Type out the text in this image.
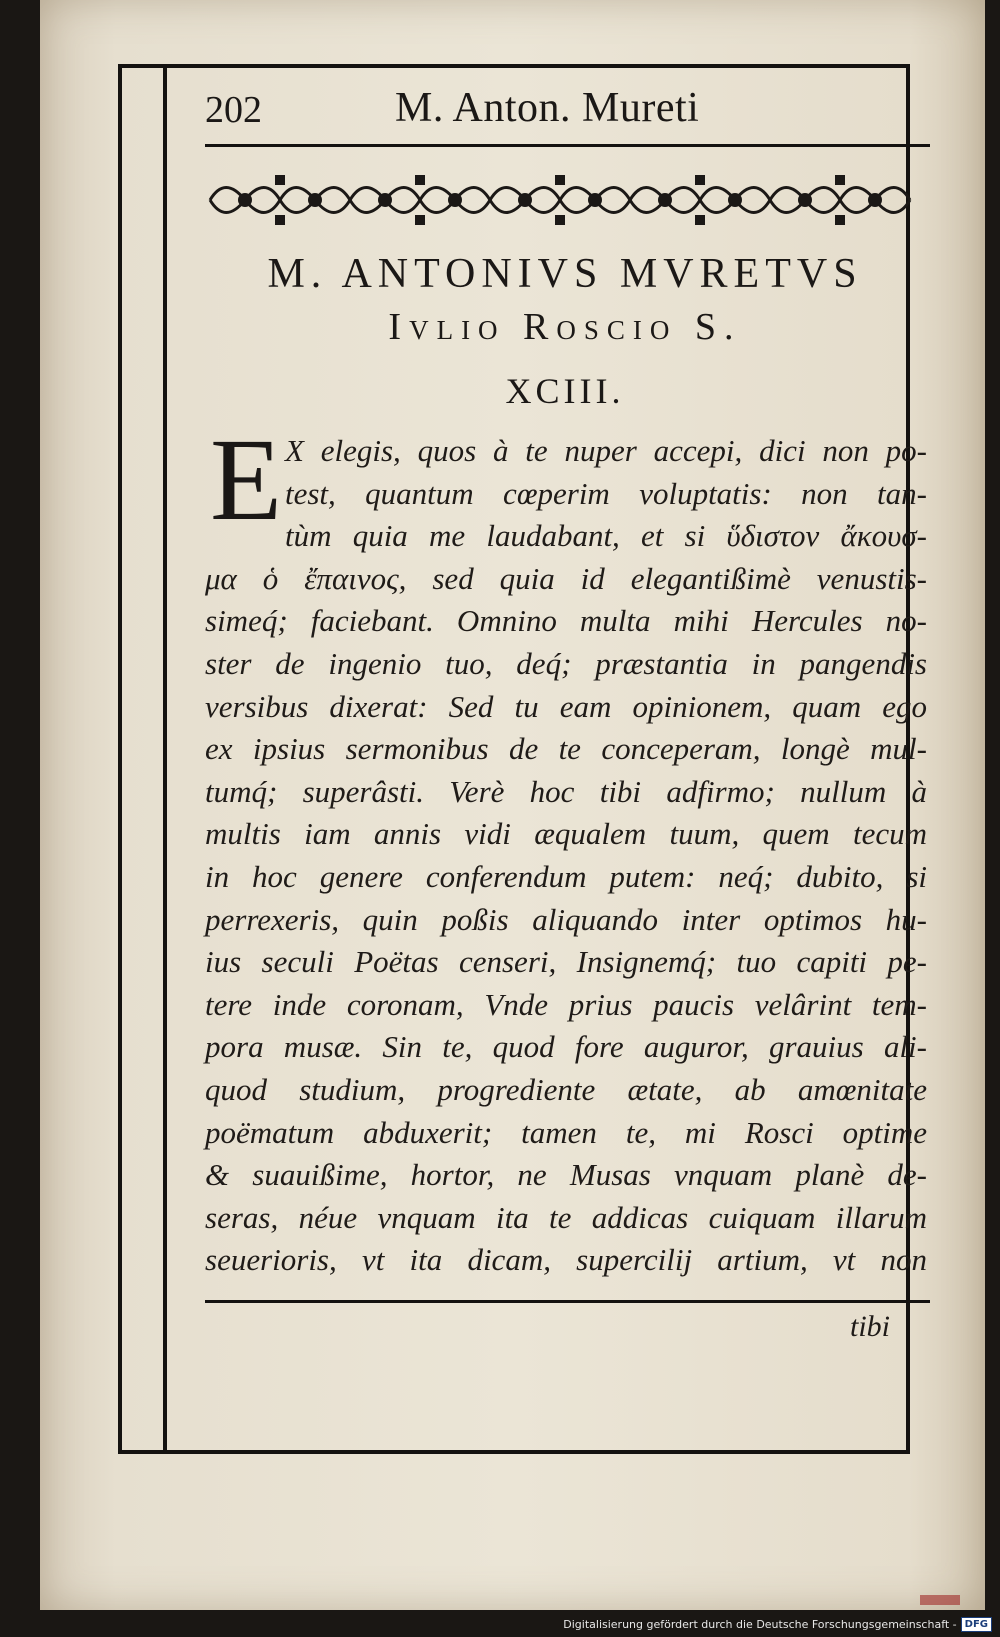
202	M. Anton. Mureti
M. ANTONIVS MVRETVS
Ivlio Roscio S.
XCIII.
E X elegis, quos à te nuper accepi, dici non po-
test, quantum cœperim voluptatis: non tan-
tùm quia me laudabant, et si ὕδιστον ἄκουσ-
μα ὁ ἔπαινος, sed quia id elegantißimè venustis-
simeq́; faciebant. Omnino multa mihi Hercules no-
ster de ingenio tuo, deq́; præstantia in pangendis
versibus dixerat: Sed tu eam opinionem, quam ego
ex ipsius sermonibus de te conceperam, longè mul-
tumq́; superâsti. Verè hoc tibi adfirmo; nullum à
multis iam annis vidi æqualem tuum, quem tecum
in hoc genere conferendum putem: neq́; dubito, si
perrexeris, quin poßis aliquando inter optimos hu-
ius seculi Poëtas censeri, Insignemq́; tuo capiti pe-
tere inde coronam, Vnde prius paucis velârint tem-
pora musæ. Sin te, quod fore auguror, grauius ali-
quod studium, progrediente ætate, ab amœnitate
poëmatum abduxerit; tamen te, mi Rosci optime
& suauißime, hortor, ne Musas vnquam planè de-
seras, néue vnquam ita te addicas cuiquam illarum
seuerioris, vt ita dicam, supercilij artium, vt non
tibi
Digitalisierung gefördert durch die Deutsche Forschungsgemeinschaft - DFG
